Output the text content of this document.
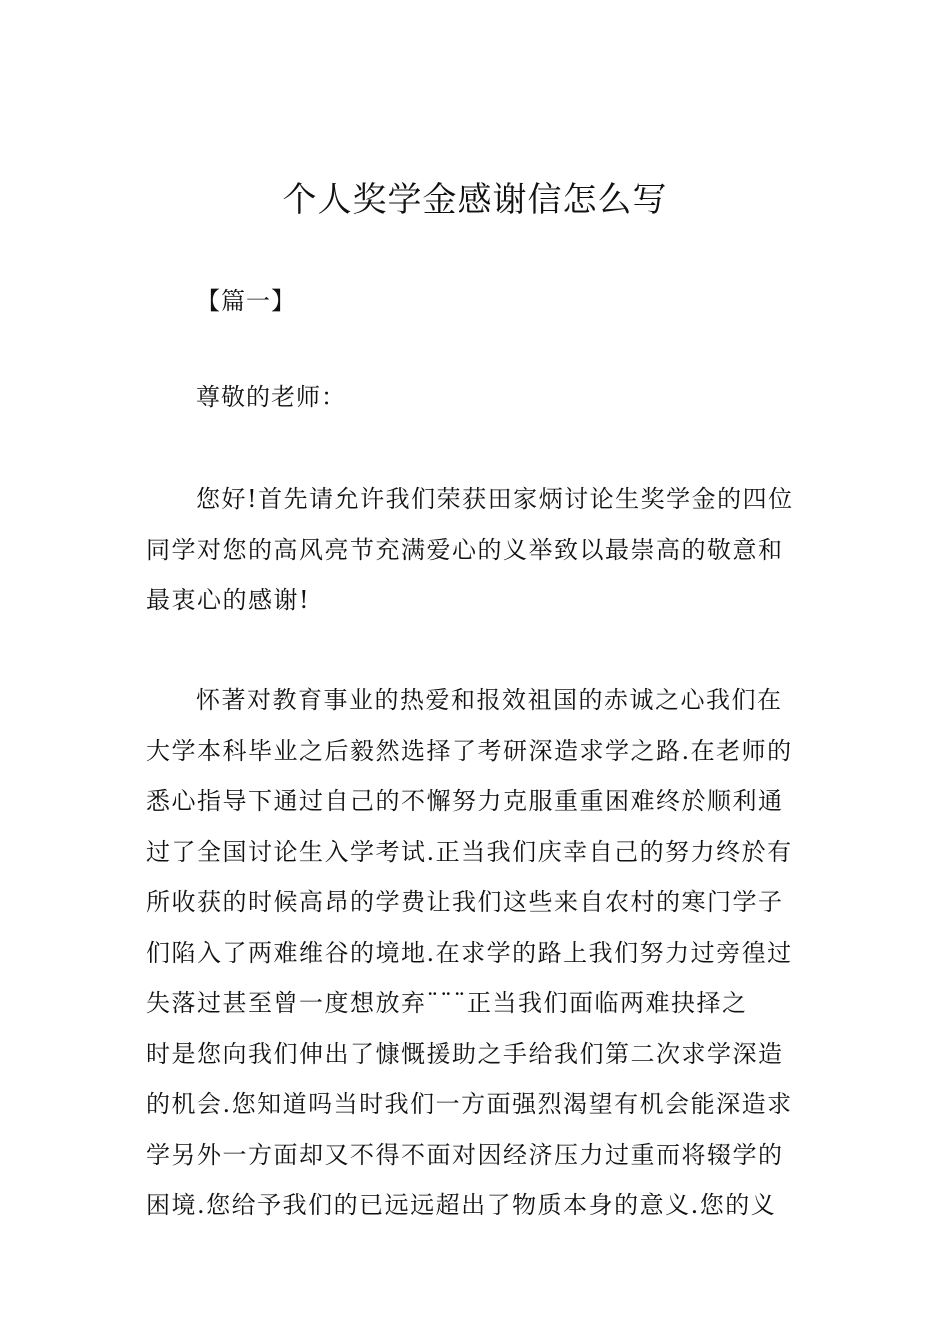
个人奖学金感谢信怎么写
【篇一】
尊敬的老师：
您好!首先请允许我们荣获田家炳讨论生奖学金的四位
同学对您的高风亮节充满爱心的义举致以最崇高的敬意和
最衷心的感谢!
怀著对教育事业的热爱和报效祖国的赤诚之心我们在
大学本科毕业之后毅然选择了考研深造求学之路.在老师的
悉心指导下通过自己的不懈努力克服重重困难终於顺利通
过了全国讨论生入学考试.正当我们庆幸自己的努力终於有
所收获的时候高昂的学费让我们这些来自农村的寒门学子
们陷入了两难维谷的境地.在求学的路上我们努力过旁徨过
失落过甚至曾一度想放弃¨¨¨正当我们面临两难抉择之
时是您向我们伸出了慷慨援助之手给我们第二次求学深造
的机会.您知道吗当时我们一方面强烈渴望有机会能深造求
学另外一方面却又不得不面对因经济压力过重而将辍学的
困境.您给予我们的已远远超出了物质本身的意义.您的义
